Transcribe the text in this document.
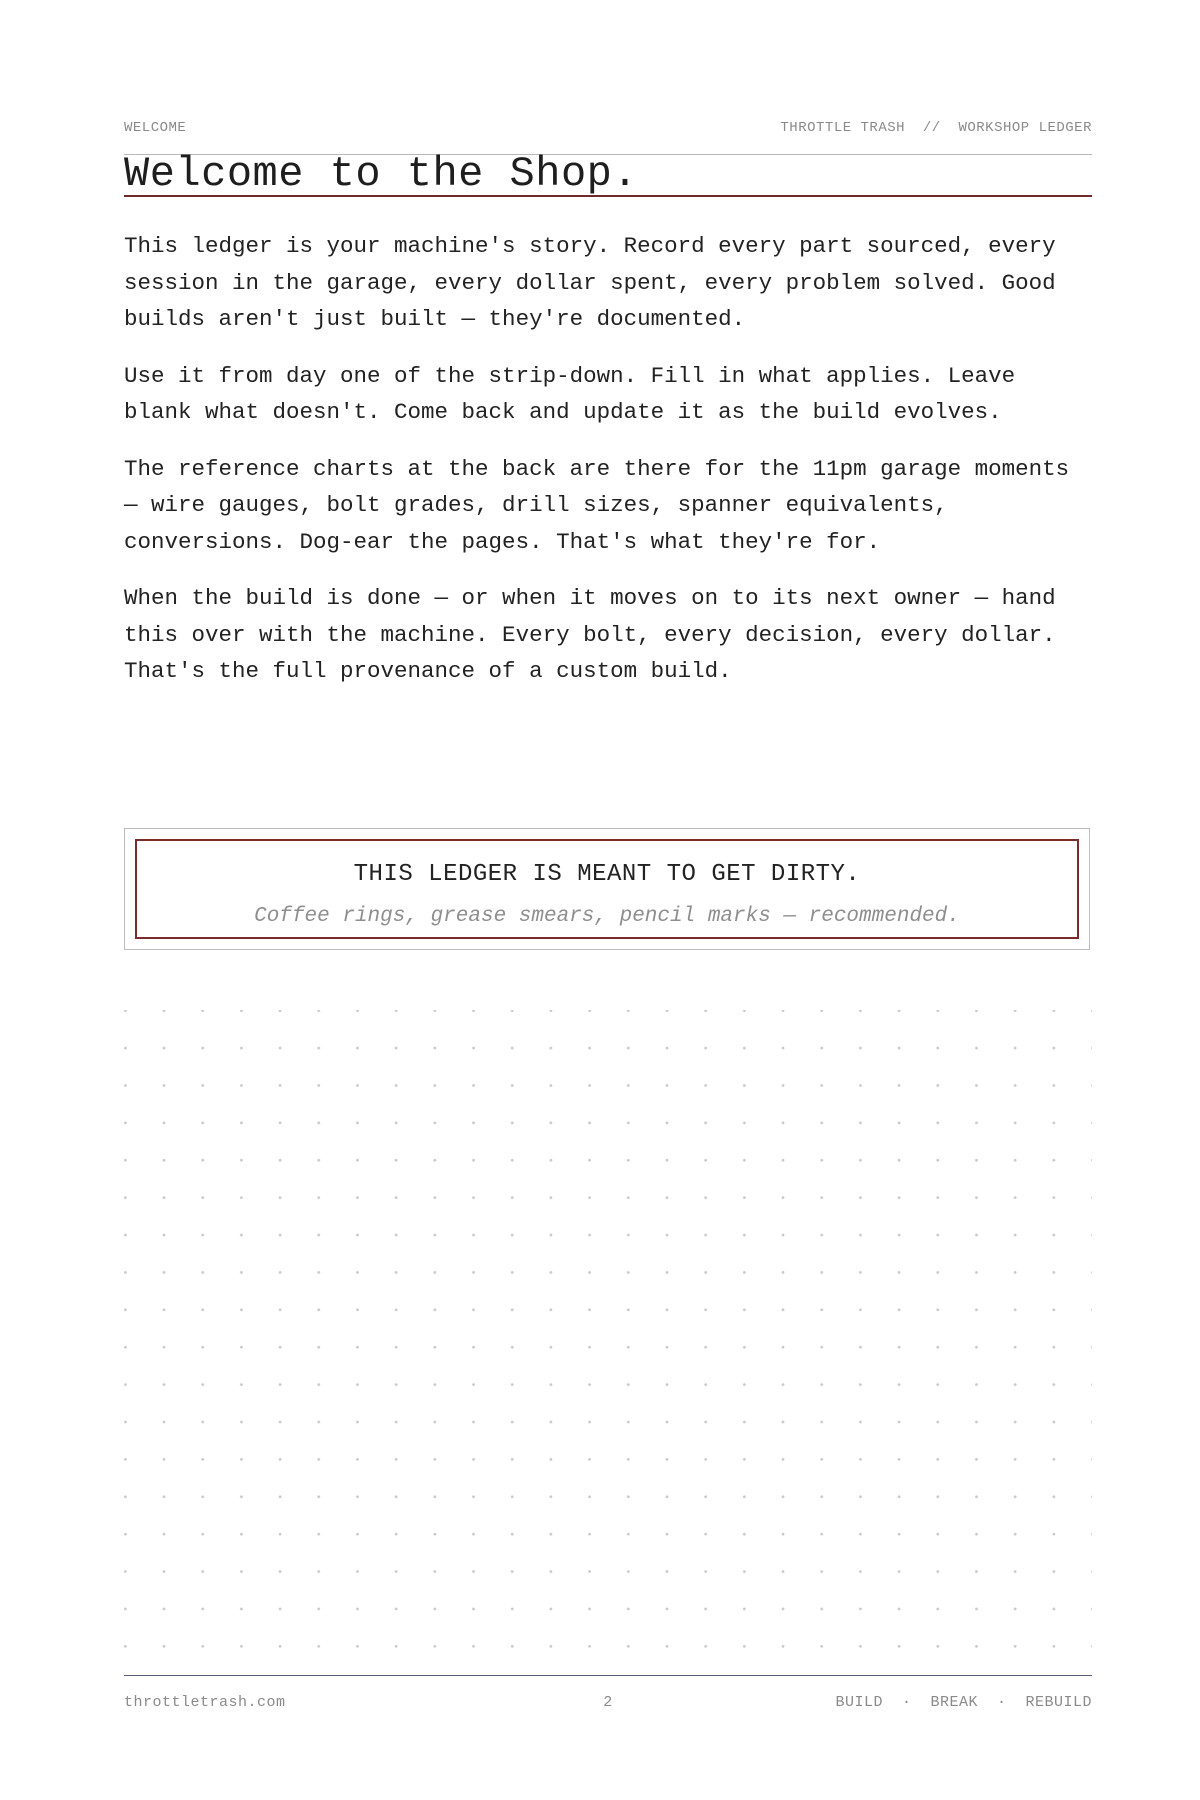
WELCOME	THROTTLE TRASH // WORKSHOP LEDGER
Welcome to the Shop.

This ledger is your machine's story. Record every part sourced, every session in the garage, every dollar spent, every problem solved. Good builds aren't just built — they're documented.

Use it from day one of the strip-down. Fill in what applies. Leave blank what doesn't. Come back and update it as the build evolves.

The reference charts at the back are there for the 11pm garage moments — wire gauges, bolt grades, drill sizes, spanner equivalents, conversions. Dog-ear the pages. That's what they're for.

When the build is done — or when it moves on to its next owner — hand this over with the machine. Every bolt, every decision, every dollar. That's the full provenance of a custom build.

THIS LEDGER IS MEANT TO GET DIRTY.
Coffee rings, grease smears, pencil marks — recommended.
throttletrash.com	2	BUILD  ·  BREAK  ·  REBUILD
